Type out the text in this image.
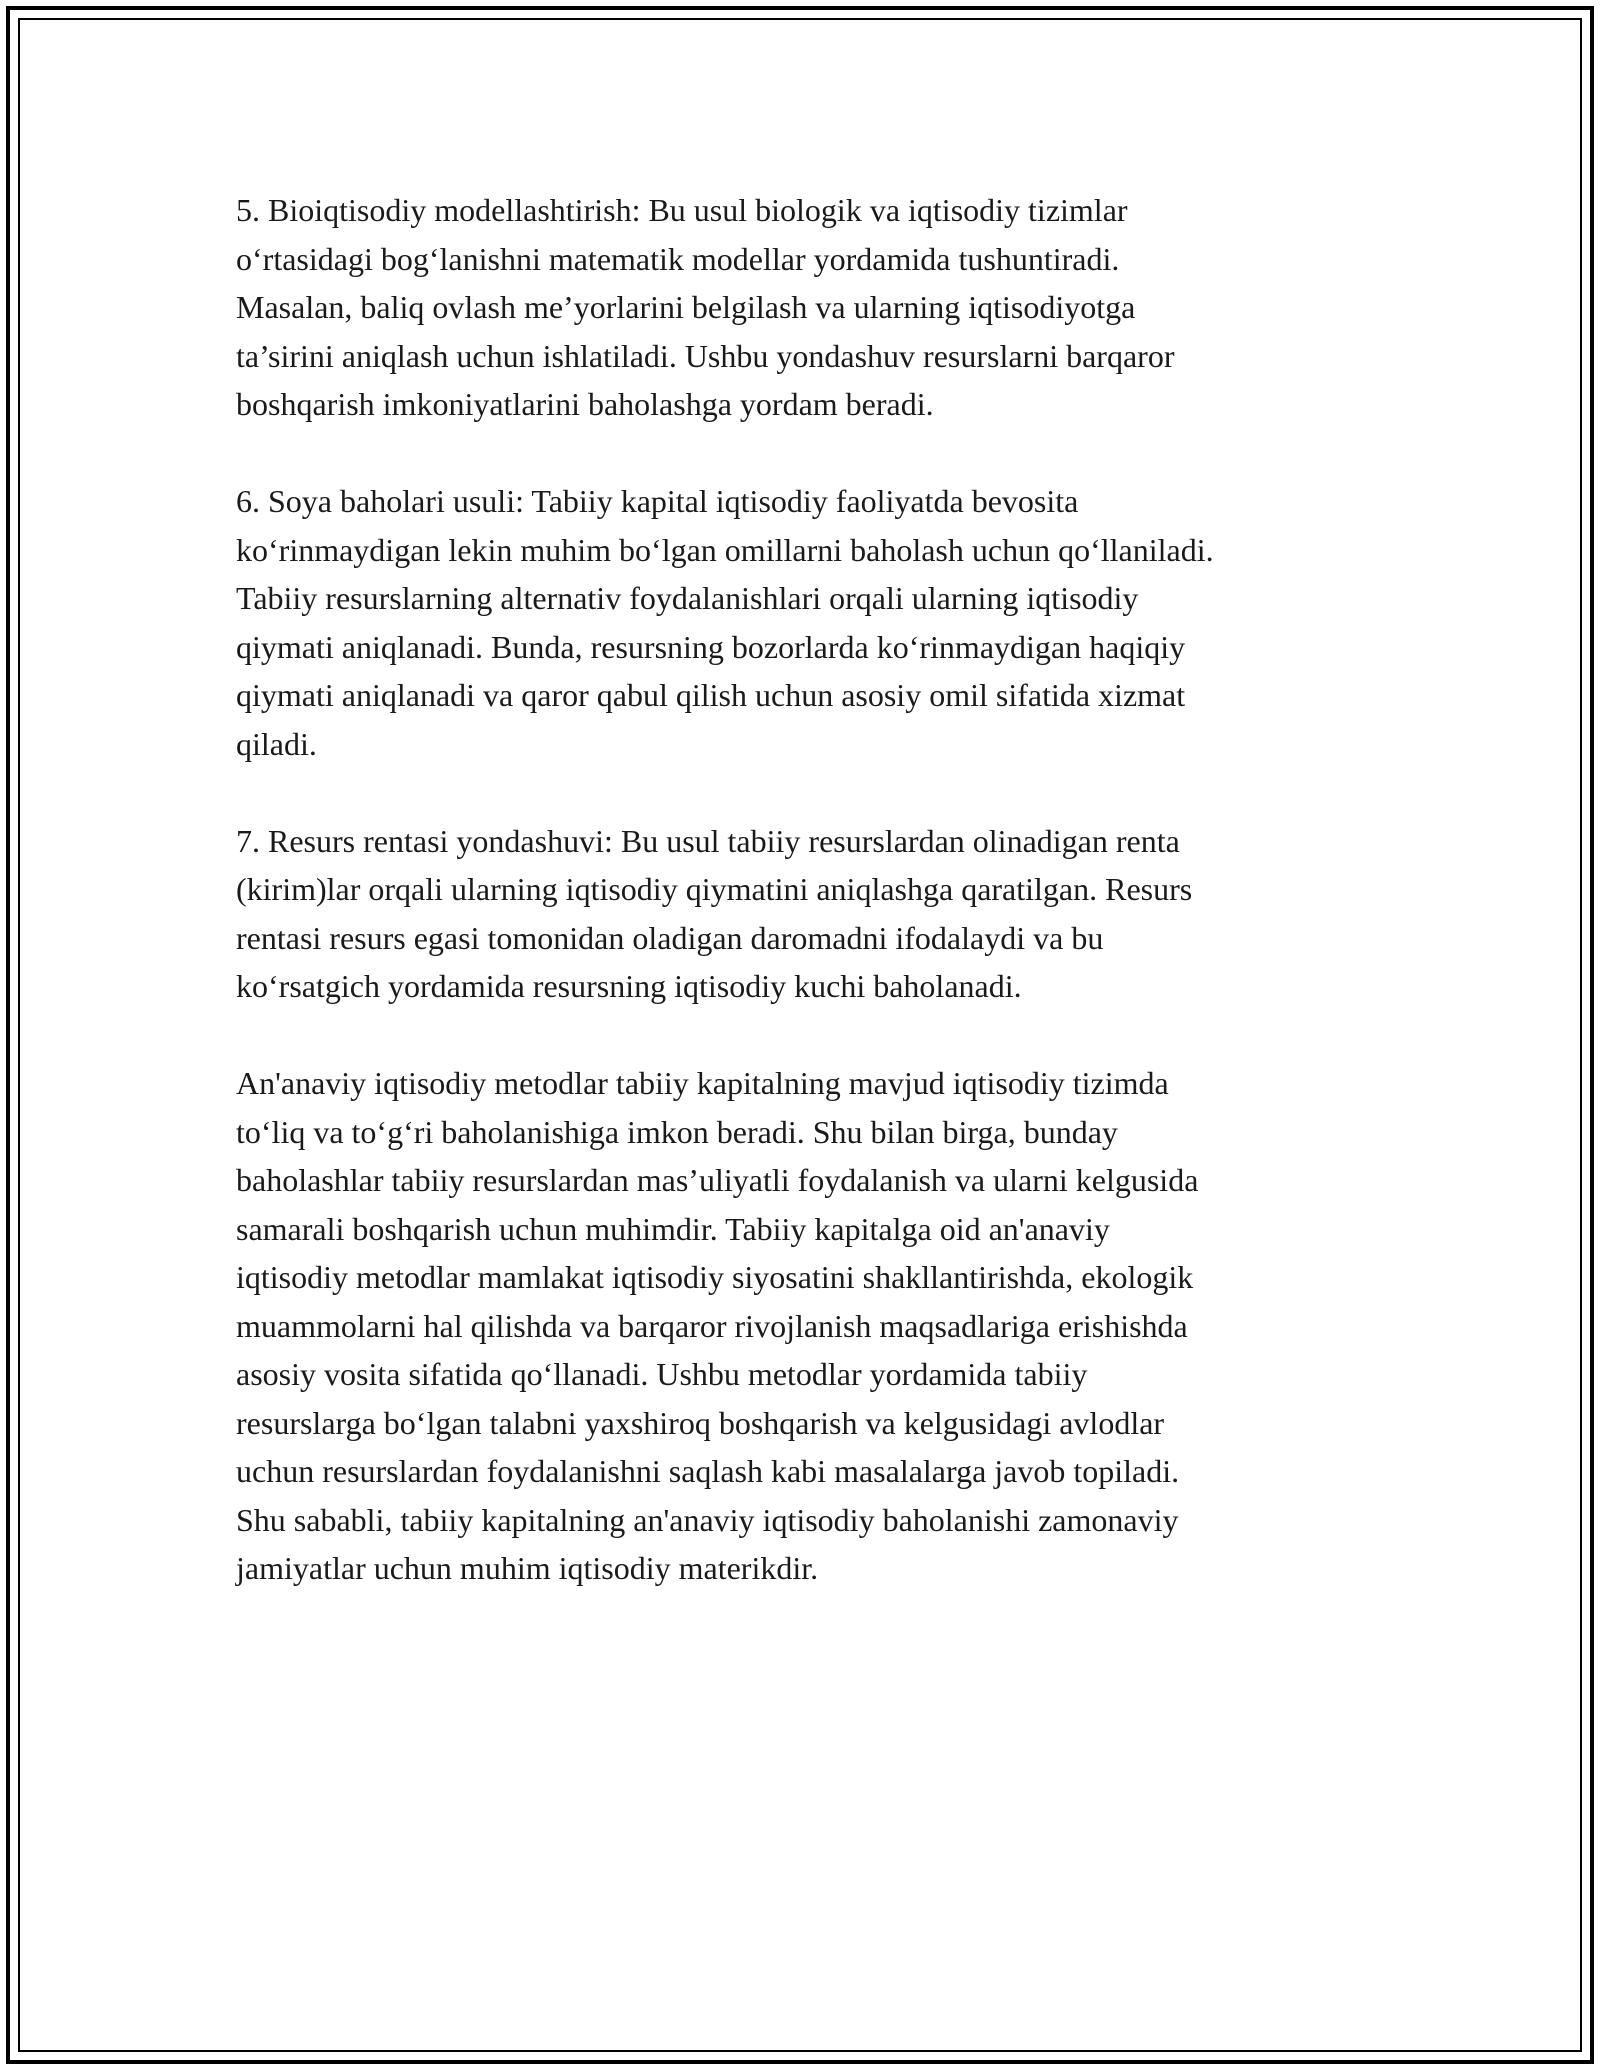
5. Bioiqtisodiy modellashtirish: Bu usul biologik va iqtisodiy tizimlar
o‘rtasidagi bog‘lanishni matematik modellar yordamida tushuntiradi.
Masalan, baliq ovlash me’yorlarini belgilash va ularning iqtisodiyotga
ta’sirini aniqlash uchun ishlatiladi. Ushbu yondashuv resurslarni barqaror
boshqarish imkoniyatlarini baholashga yordam beradi.

6. Soya baholari usuli: Tabiiy kapital iqtisodiy faoliyatda bevosita
ko‘rinmaydigan lekin muhim bo‘lgan omillarni baholash uchun qo‘llaniladi.
Tabiiy resurslarning alternativ foydalanishlari orqali ularning iqtisodiy
qiymati aniqlanadi. Bunda, resursning bozorlarda ko‘rinmaydigan haqiqiy
qiymati aniqlanadi va qaror qabul qilish uchun asosiy omil sifatida xizmat
qiladi.

7. Resurs rentasi yondashuvi: Bu usul tabiiy resurslardan olinadigan renta
(kirim)lar orqali ularning iqtisodiy qiymatini aniqlashga qaratilgan. Resurs
rentasi resurs egasi tomonidan oladigan daromadni ifodalaydi va bu
ko‘rsatgich yordamida resursning iqtisodiy kuchi baholanadi.

An'anaviy iqtisodiy metodlar tabiiy kapitalning mavjud iqtisodiy tizimda
to‘liq va to‘g‘ri baholanishiga imkon beradi. Shu bilan birga, bunday
baholashlar tabiiy resurslardan mas’uliyatli foydalanish va ularni kelgusida
samarali boshqarish uchun muhimdir. Tabiiy kapitalga oid an'anaviy
iqtisodiy metodlar mamlakat iqtisodiy siyosatini shakllantirishda, ekologik
muammolarni hal qilishda va barqaror rivojlanish maqsadlariga erishishda
asosiy vosita sifatida qo‘llanadi. Ushbu metodlar yordamida tabiiy
resurslarga bo‘lgan talabni yaxshiroq boshqarish va kelgusidagi avlodlar
uchun resurslardan foydalanishni saqlash kabi masalalarga javob topiladi.
Shu sababli, tabiiy kapitalning an'anaviy iqtisodiy baholanishi zamonaviy
jamiyatlar uchun muhim iqtisodiy materikdir.
